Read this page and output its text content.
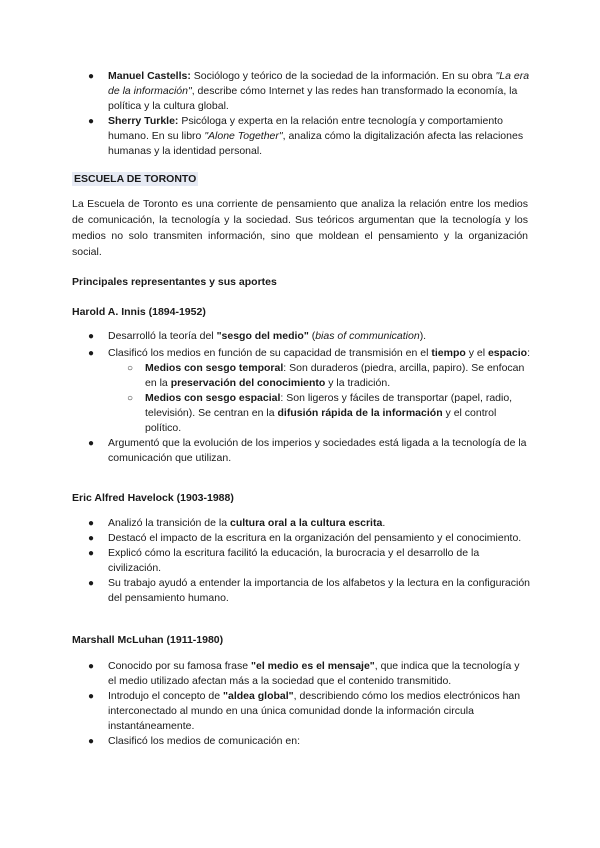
● Manuel Castells: Sociólogo y teórico de la sociedad de la información. En su obra "La era de la información", describe cómo Internet y las redes han transformado la economía, la política y la cultura global.
● Sherry Turkle: Psicóloga y experta en la relación entre tecnología y comportamiento humano. En su libro "Alone Together", analiza cómo la digitalización afecta las relaciones humanas y la identidad personal.

ESCUELA DE TORONTO

La Escuela de Toronto es una corriente de pensamiento que analiza la relación entre los medios de comunicación, la tecnología y la sociedad. Sus teóricos argumentan que la tecnología y los medios no solo transmiten información, sino que moldean el pensamiento y la organización social.

Principales representantes y sus aportes

Harold A. Innis (1894-1952)

● Desarrolló la teoría del "sesgo del medio" (bias of communication).
● Clasificó los medios en función de su capacidad de transmisión en el tiempo y el espacio:
○ Medios con sesgo temporal: Son duraderos (piedra, arcilla, papiro). Se enfocan en la preservación del conocimiento y la tradición.
○ Medios con sesgo espacial: Son ligeros y fáciles de transportar (papel, radio, televisión). Se centran en la difusión rápida de la información y el control político.
● Argumentó que la evolución de los imperios y sociedades está ligada a la tecnología de la comunicación que utilizan.

Eric Alfred Havelock (1903-1988)

● Analizó la transición de la cultura oral a la cultura escrita.
● Destacó el impacto de la escritura en la organización del pensamiento y el conocimiento.
● Explicó cómo la escritura facilitó la educación, la burocracia y el desarrollo de la civilización.
● Su trabajo ayudó a entender la importancia de los alfabetos y la lectura en la configuración del pensamiento humano.

Marshall McLuhan (1911-1980)

● Conocido por su famosa frase "el medio es el mensaje", que indica que la tecnología y el medio utilizado afectan más a la sociedad que el contenido transmitido.
● Introdujo el concepto de "aldea global", describiendo cómo los medios electrónicos han interconectado al mundo en una única comunidad donde la información circula instantáneamente.
● Clasificó los medios de comunicación en:
